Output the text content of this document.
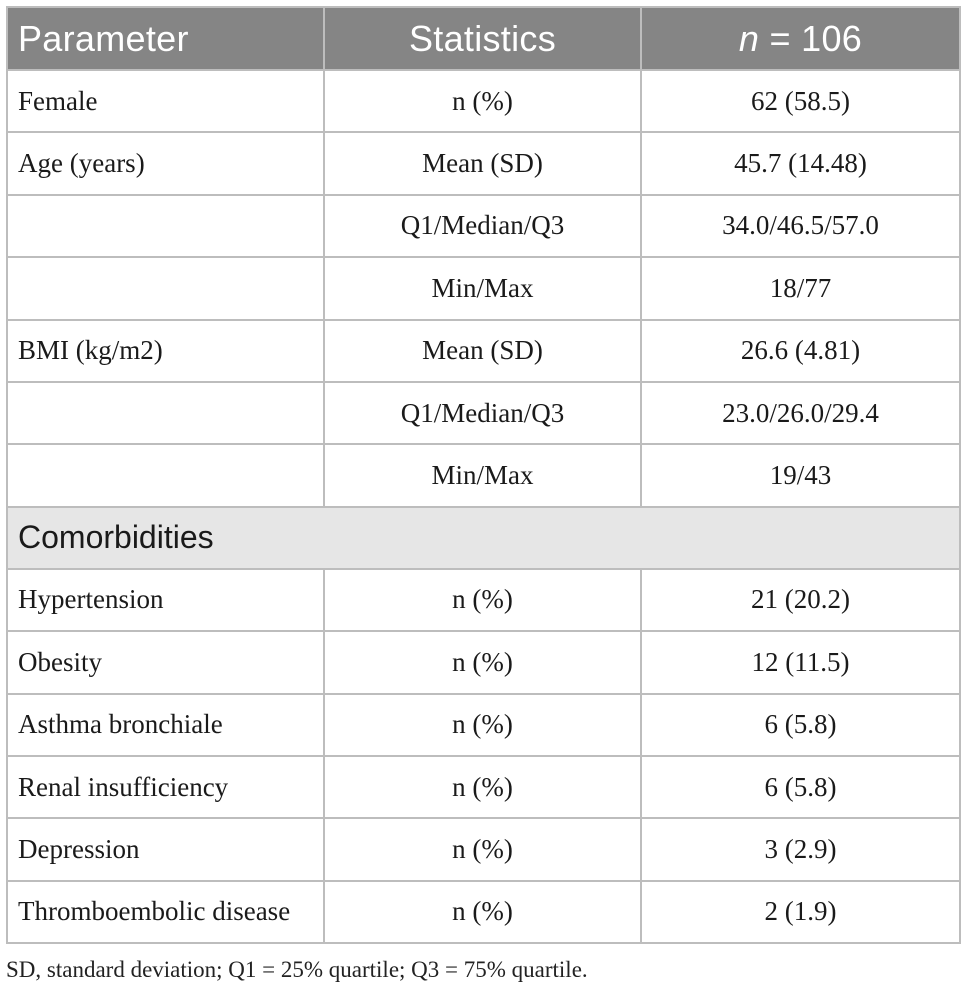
Parameter	Statistics	n = 106
Female	n (%)	62 (58.5)
Age (years)	Mean (SD)	45.7 (14.48)
	Q1/Median/Q3	34.0/46.5/57.0
	Min/Max	18/77
BMI (kg/m2)	Mean (SD)	26.6 (4.81)
	Q1/Median/Q3	23.0/26.0/29.4
	Min/Max	19/43
Comorbidities		
Hypertension	n (%)	21 (20.2)
Obesity	n (%)	12 (11.5)
Asthma bronchiale	n (%)	6 (5.8)
Renal insufficiency	n (%)	6 (5.8)
Depression	n (%)	3 (2.9)
Thromboembolic disease	n (%)	2 (1.9)
SD, standard deviation; Q1 = 25% quartile; Q3 = 75% quartile.
